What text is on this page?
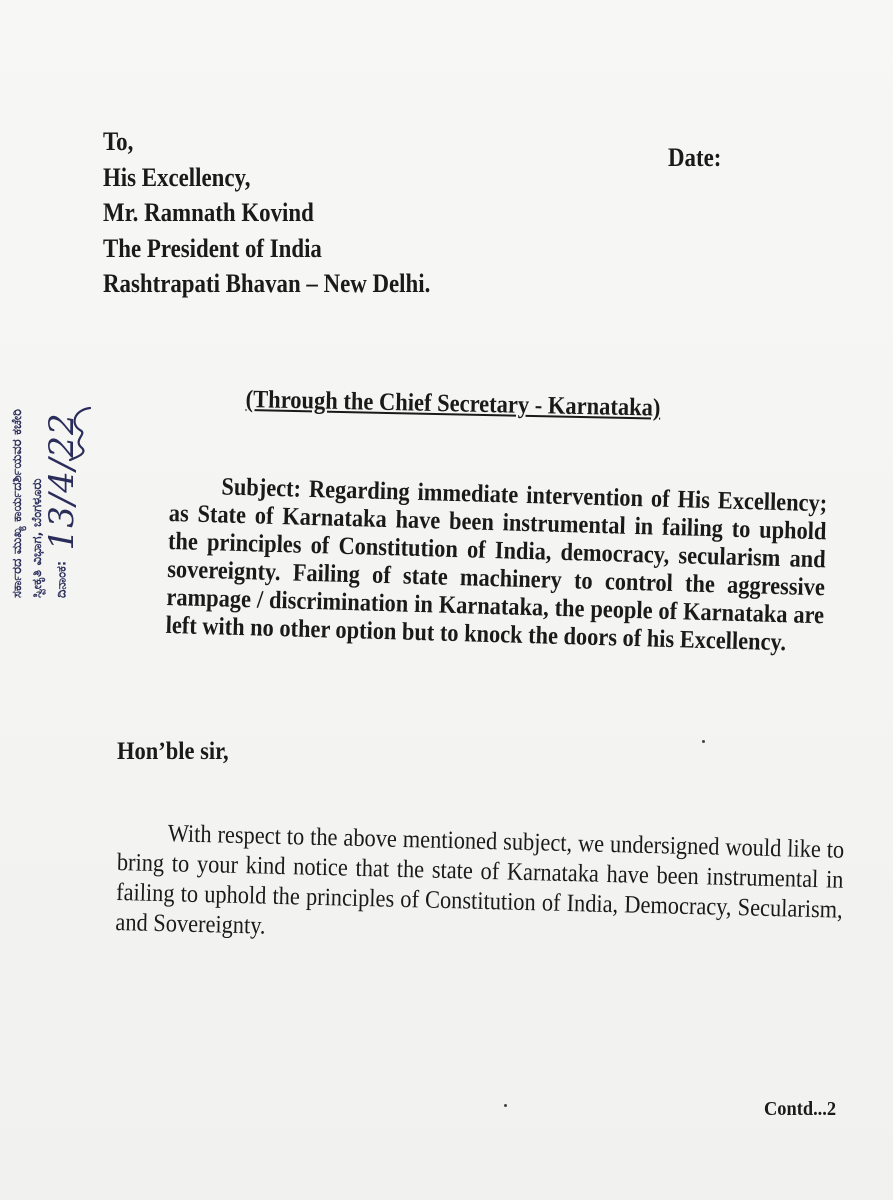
To,
His Excellency,
Mr. Ramnath Kovind
The President of India
Rashtrapati Bhavan – New Delhi.
Date:
(Through the Chief Secretary - Karnataka)
Subject: Regarding immediate intervention of His Excellency; as State of Karnataka have been instrumental in failing to uphold the principles of Constitution of India, democracy, secularism and sovereignty. Failing of state machinery to control the aggressive rampage / discrimination in Karnataka, the people of Karnataka are left with no other option but to knock the doors of his Excellency.
Hon’ble sir,
With respect to the above mentioned subject, we undersigned would like to bring to your kind notice that the state of Karnataka have been instrumental in failing to uphold the principles of Constitution of India, Democracy, Secularism, and Sovereignty.
Contd...2
ಸರ್ಕಾರದ ಮುಖ್ಯ ಕಾರ್ಯದರ್ಶಿಯವರ ಕಚೇರಿ ಸ್ವೀಕೃತಿ ವಿಭಾಗ, ಬೆಂಗಳೂರು ದಿನಾಂಕ: 13/4/22
